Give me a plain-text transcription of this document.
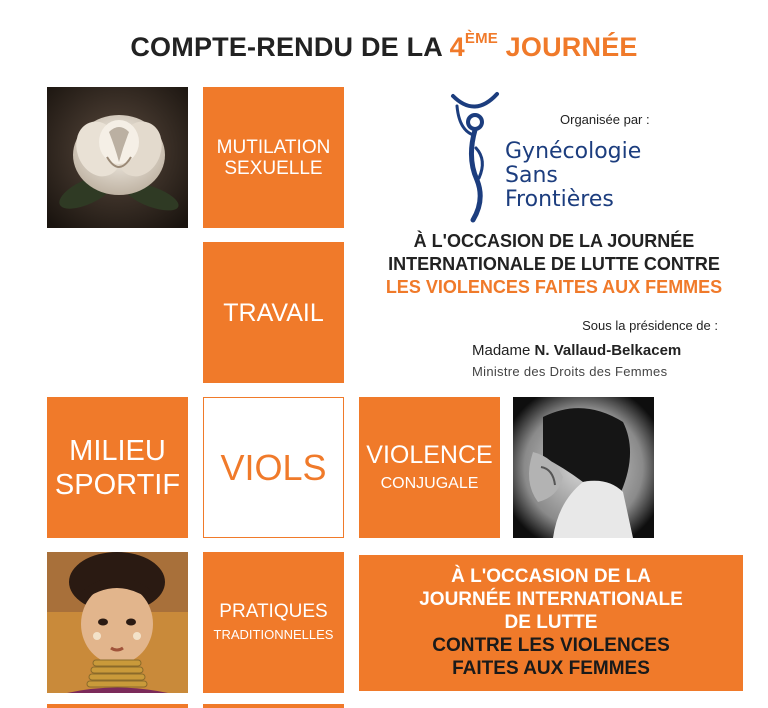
COMPTE-RENDU DE LA 4ÈME JOURNÉE
MUTILATION
SEXUELLE
Organisée par :
Gynécologie
Sans
Frontières
À L'OCCASION DE LA JOURNÉE
INTERNATIONALE DE LUTTE CONTRE
LES VIOLENCES FAITES AUX FEMMES
TRAVAIL	Sous la présidence de :
Madame N. Vallaud-Belkacem
Ministre des Droits des Femmes
MILIEU
SPORTIF VIOLS VIOLENCE
CONJUGALE
PRATIQUES
TRADITIONNELLES
À L'OCCASION DE LA
JOURNÉE INTERNATIONALE
DE LUTTE
CONTRE LES VIOLENCES
FAITES AUX FEMMES
